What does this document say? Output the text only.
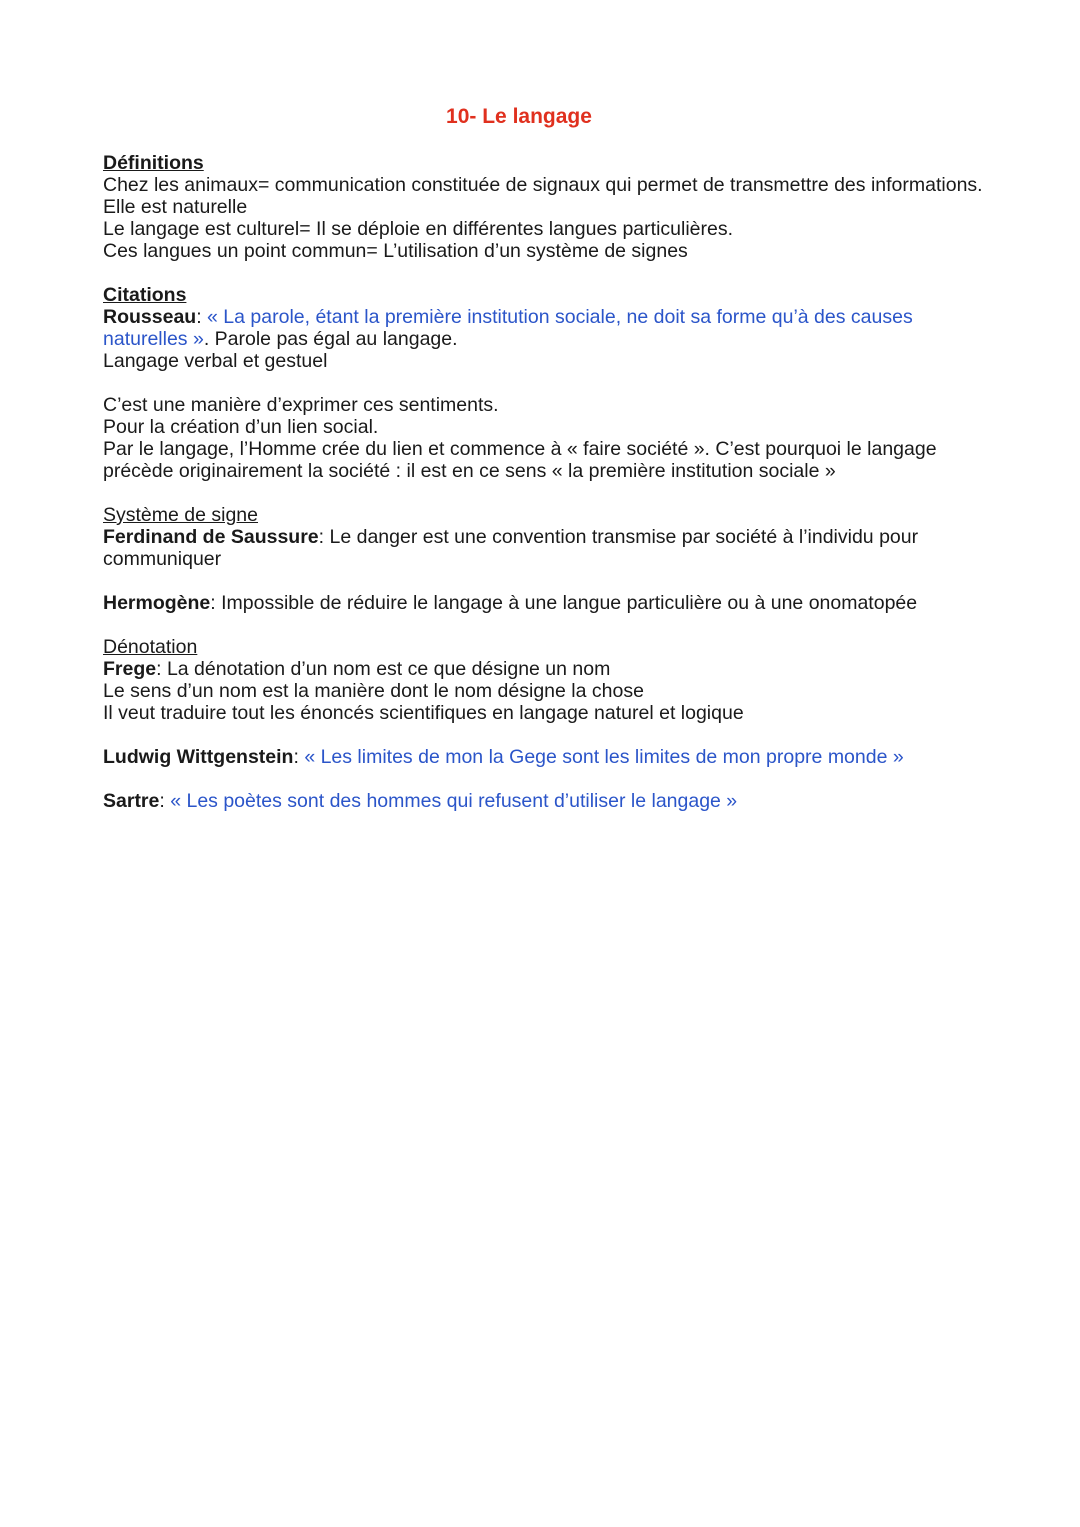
10- Le langage
Définitions
Chez les animaux= communication constituée de signaux qui permet de transmettre des informations. Elle est naturelle
Le langage est culturel= Il se déploie en différentes langues particulières.
Ces langues un point commun= L’utilisation d’un système de signes
Citations
Rousseau: « La parole, étant la première institution sociale, ne doit sa forme qu’à des causes naturelles ». Parole pas égal au langage.
Langage verbal et gestuel
C’est une manière d’exprimer ces sentiments.
Pour la création d’un lien social.
Par le langage, l’Homme crée du lien et commence à « faire société ». C’est pourquoi le langage précède originairement la société : il est en ce sens « la première institution sociale »
Système de signe
Ferdinand de Saussure: Le danger est une convention transmise par société à l’individu pour communiquer
Hermogène: Impossible de réduire le langage à une langue particulière ou à une onomatopée
Dénotation
Frege: La dénotation d’un nom est ce que désigne un nom
Le sens d’un nom est la manière dont le nom désigne la chose
Il veut traduire tout les énoncés scientifiques en langage naturel et logique
Ludwig Wittgenstein: « Les limites de mon la Gege sont les limites de mon propre monde »
Sartre: « Les poètes sont des hommes qui refusent d’utiliser le langage »
